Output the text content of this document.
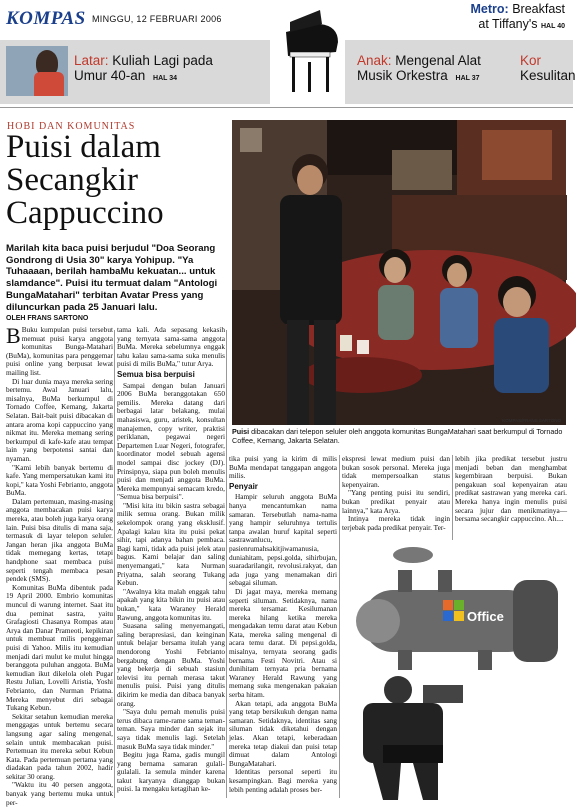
KOMPAS MINGGU, 12 FEBRUARI 2006
Metro: Breakfast
at Tiffany's HAL 40
Latar: Kuliah Lagi pada
Umur 40-an HAL 34
Anak: Mengenal Alat
Musik Orkestra HAL 37
Kor
Kesulitan
HOBI DAN KOMUNITAS
Puisi dalam
Secangkir
Cappuccino
Marilah kita baca puisi berjudul "Doa Seorang Gondrong di Usia 30" karya Yohipup. "Ya Tuhaaaan, berilah hambaMu kekuatan... untuk slamdance". Puisi itu termuat dalam "Antologi BungaMatahari" terbitan Avatar Press yang diluncurkan pada 25 Januari lalu.
OLEH FRANS SARTONO

B Buku kumpulan puisi tersebut memuat puisi karya anggota komunitas Bunga-Matahari (BuMa), komunitas para penggemar puisi online yang berpusat lewat mailing list.

Di luar dunia maya mereka sering bertemu. Awal Januari lalu, misalnya, BuMa berkumpul di Tornado Coffee, Kemang, Jakarta Selatan. Bait-bait puisi dibacakan di antara aroma kopi cappuccino yang nikmat itu. Mereka memang sering berkumpul di kafe-kafe atau tempat lain yang berpotensi santai dan nyaman.

"Kami lebih banyak bertemu di kafe. Yang mempersatukan kami itu kopi," kata Yoshi Febrianto, anggota BuMa.

Dalam pertemuan, masing-masing anggota membacakan puisi karya mereka, atau boleh juga karya orang lain. Puisi bisa ditulis di mana saja, termasuk di layar telepon seluler. Jangan heran jika anggota BuMa tidak memegang kertas, tetapi handphone saat membaca puisi seperti tengah membaca pesan pendek (SMS).

Komunitas BuMa dibentuk pada 19 April 2000. Embrio komunitas muncul di warung internet. Saat itu dua peminat sastra, yaitu Grafagiosti Chasanya Rompas atau Arya dan Danar Prameoti, kepikiran untuk membuat milis penggemar puisi di Yahoo. Milis itu kemudian menjadi dari mulut ke mulut hingga beranggota puluhan anggota. BuMa kemudian ikut dikelola oleh Pugar Restu Julian, Lovelli Aristia, Yoshi Febrianto, dan Nurman Priatna. Mereka menyebut diri sebagai Tukang Kebun.

Sekitar setahun kemudian mereka menggagas untuk bertemu secara langsung agar saling mengenal, selain untuk membacakan puisi. Pertemuan itu mereka sebut Kebun Kata. Pada pertemuan pertama yang diadakan pada tahun 2002, hadir sekitar 30 orang.

"Waktu itu 40 persen anggota, banyak yang bertemu muka untuk per-

tama kali. Ada sepasang kekasih yang ternyata sama-sama anggota BuMa. Mereka sebelumnya enggak tahu kalau sama-sama suka menulis puisi di milis BuMa," tutur Arya.

Semua bisa berpuisi

Sampai dengan bulan Januari 2006 BuMa beranggotakan 650 pemilis. Mereka datang dari berbagai latar belakang, mulai mahasiswa, guru, aristek, konsultan manajemen, copy writer, praktisi periklanan, pegawai negeri Departemen Luar Negeri, fotografer, koordinator model sebuah agensi model sampai disc jockey (DJ). Prinsipnya, siapa pun boleh menulis puisi dan menjadi anggota BuMa. Mereka mempunyai semacam kredo, "Semua bisa berpuisi".

"Misi kita itu bikin sastra sebagai milik semua orang. Bukan milik sekelompok orang yang eksklusif. Apalagi kalau kita itu puisi pekat sihir, tapi adanya bahan pembaca. Bagi kami, tidak ada puisi jelek atau bagus. Kami belajar dan saling menyemangati," kata Nurman Priyatna, salah seorang Tukang Kebun.

"Awalnya kita malah enggak tahu apakah yang kita bikin itu puisi atau bukan," kata Waraney Herald Rawung, anggota komunitas itu.

Suasana saling menyemangati, saling berapresiasi, dan keinginan untuk belajar bersama itulah yang mendorong Yoshi Febrianto bergabung dengan BuMa. Yoshi yang bekerja di sebuah stasiun televisi itu pernah merasa takut menulis puisi. Puisi yang ditulis dikirim ke media dan dibaca banyak orang.

"Saya dulu pernah menulis puisi terus dibaca rame-rame sama teman-teman. Saya minder dan sejak itu saya tidak menulis lagi. Setelah masuk BuMa saya tidak minder."

Begitu juga Rama, gadis mungil yang bernama samaran gulali-gulalali. Ia semula minder karena takut karyanya dianggap bukan puisi. Ia mengaku ketagihan ke-

KOMPAS/FRANS SARTONO
Puisi dibacakan dari telepon seluler oleh anggota komunitas BungaMatahari saat berkumpul di Tornado Coffee, Kemang, Jakarta Selatan.

tika puisi yang ia kirim di milis BuMa mendapat tanggapan anggota milis.

Penyair

Hampir seluruh anggota BuMa hanya mencantumkan nama samaran. Tersebutlah nama-nama yang hampir seluruhnya tertulis tanpa awalan huruf kapital seperti sastrawanlucu, pasienrumahsakitjiwamanusia, duniahitam, pepsi.golda, sihirbujan, suaradarilangit, revolusi.rakyat, dan ada juga yang menamakan diri sebagai siluman.

Di jagat maya, mereka memang seperti siluman. Setidaknya, nama mereka tersamar. Kesilumanan mereka hilang ketika mereka mengadakan temu darat atau Kebun Kata, mereka saling mengenal di acara temu darat. Di pepsi.golda, misalnya, ternyata seorang gadis bernama Festi Novitri. Atau si dunihitam ternyata pria bernama Waraney Herald Rawung yang memang suka mengenakan pakaian serba hitam.

Akan tetapi, ada anggota BuMa yang tetap bersikukuh dengan nama samaran. Setidaknya, identitas sang siluman tidak diketahui dengan jelas. Akan tetapi, keberadaan mereka tetap diakui dan puisi tetap dimuat dalam Antologi BungaMatahari.

Identitas personal seperti itu kesampingkan. Bagi mereka yang lebih penting adalah proses ber-

ekspresi lewat medium puisi dan bukan sosok personal. Mereka juga tidak mempersoalkan status kepenyairan.

"Yang penting puisi itu sendiri, bukan predikat penyair atau lainnya," kata Arya.

Intinya mereka tidak ingin terjebak pada predikat penyair. Ter-

lebih jika predikat tersebut justru menjadi beban dan menghambat kegembiraan berpuisi. Bukan pengakuan soal kepenyairan atau predikat sastrawan yang mereka cari. Mereka hanya ingin menulis puisi secara jujur dan menikmatinya—bersama secangkir cappuccino. Ah....

Office
